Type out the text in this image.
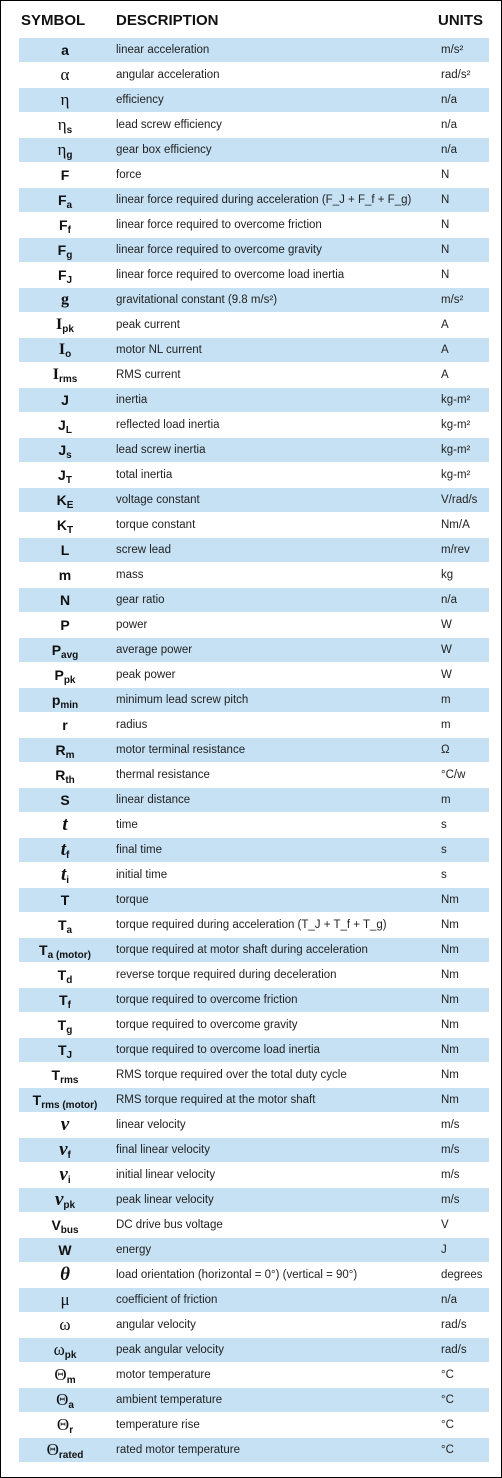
SYMBOL DESCRIPTION	UNITS
a	linear acceleration	m/s²
α	angular acceleration	rad/s²
η	efficiency	n/a
$\eta_s$	lead screw efficiency	n/a
$\eta_g$	gear box efficiency	n/a
F	force	N
$F_a$	linear force required during acceleration (F_J + F_f + F_g)	N
$F_f$	linear force required to overcome friction	N
$F_g$	linear force required to overcome gravity	N
$F_J$	linear force required to overcome load inertia	N
g	gravitational constant (9.8 m/s²)	m/s²
$I_{pk}$	peak current	A
$I_o$	motor NL current	A
$I_{rms}$	RMS current	A
J	inertia	kg-m²
$J_L$	reflected load inertia	kg-m²
$J_s$	lead screw inertia	kg-m²
$J_T$	total inertia	kg-m²
$K_E$	voltage constant	V/rad/s
$K_T$	torque constant	Nm/A
L	screw lead	m/rev
m	mass	kg
N	gear ratio	n/a
P	power	W
$P_{avg}$	average power	W
$P_{pk}$	peak power	W
$p_{min}$	minimum lead screw pitch	m
r	radius	m
$R_m$	motor terminal resistance	Ω
$R_{th}$	thermal resistance	°C/w
S	linear distance	m
t	time	s
$t_f$	final time	s
$t_i$	initial time	s
T	torque	Nm
$T_a$	torque required during acceleration (T_J + T_f + T_g)	Nm
$T_{a (motor)}$	torque required at motor shaft during acceleration	Nm
$T_d$	reverse torque required during deceleration	Nm
$T_f$	torque required to overcome friction	Nm
$T_g$	torque required to overcome gravity	Nm
$T_J$	torque required to overcome load inertia	Nm
$T_{rms}$	RMS torque required over the total duty cycle	Nm
$T_{rms (motor)}$	RMS torque required at the motor shaft	Nm
v	linear velocity	m/s
$v_f$	final linear velocity	m/s
$v_i$	initial linear velocity	m/s
$v_{pk}$	peak linear velocity	m/s
$V_{bus}$	DC drive bus voltage	V
W	energy	J
θ	load orientation (horizontal = 0°) (vertical = 90°)	degrees
μ	coefficient of friction	n/a
ω	angular velocity	rad/s
$\omega_{pk}$	peak angular velocity	rad/s
$\Theta_m$	motor temperature	°C
$\Theta_a$	ambient temperature	°C
$\Theta_r$	temperature rise	°C
$\Theta_{rated}$	rated motor temperature	°C
